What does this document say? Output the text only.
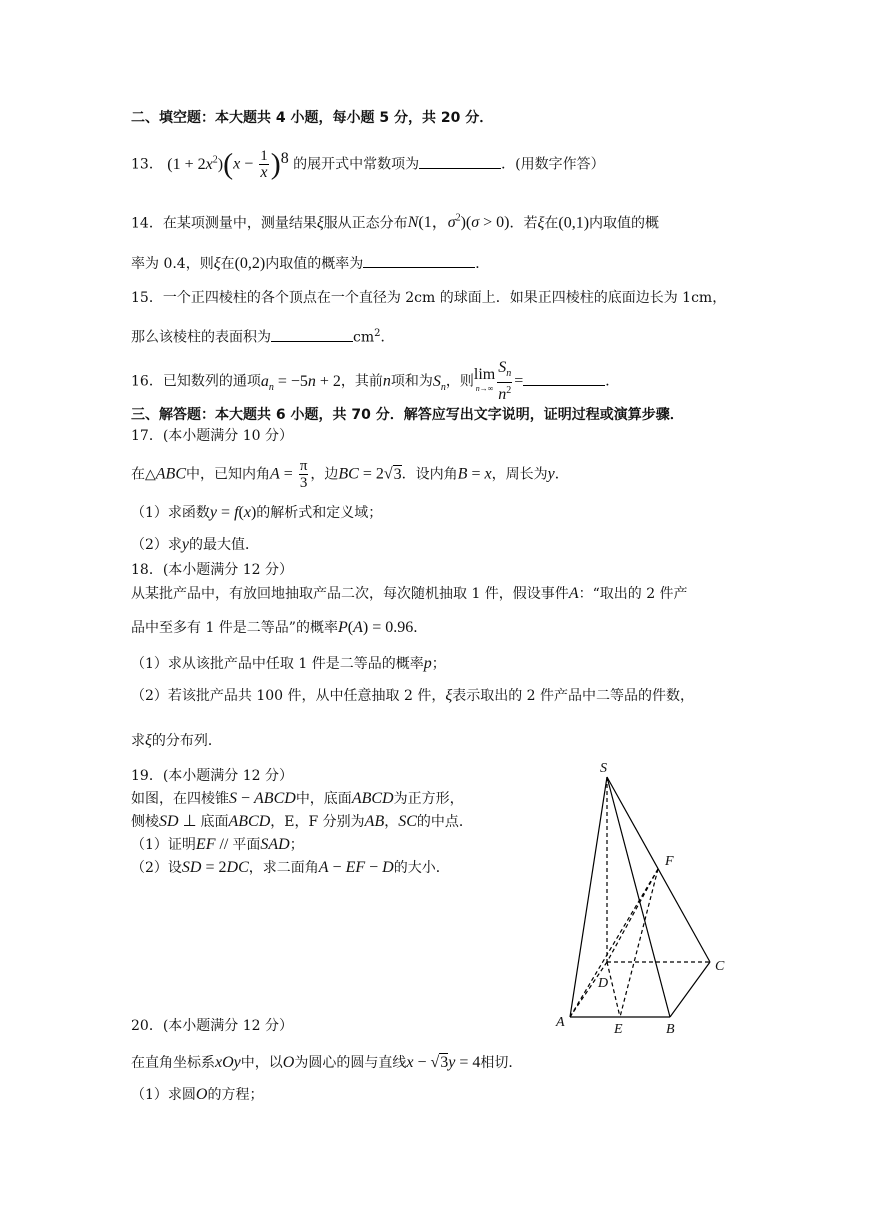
二、填空题：本大题共 4 小题，每小题 5 分，共 20 分．
13． $(1 + 2x^2)(x - \frac{1}{x} )^8$ 的展开式中常数项为	．(用数字作答）
14．在某项测量中，测量结果ξ服从正态分布N(1，$\sigma^2)(\sigma > 0)$．若ξ在(0,1)内取值的概
率为 0.4，则ξ在(0,2)内取值的概率为	．
15．一个正四棱柱的各个顶点在一个直径为 2cm 的球面上．如果正四棱柱的底面边长为 1cm，
那么该棱柱的表面积为	$cm^2$．
16．已知数列的通项$a_n = -5n + 2$，其前n项和为$S_n$，则lim
$n\to\infty \frac{S_n}{n^2}$ =	．
三、解答题：本大题共 6 小题，共 70 分．解答应写出文字说明，证明过程或演算步骤．
17．(本小题满分 10 分）
在△ABC中，已知内角$A = \frac{\pi}{3}$ ，边BC = 2√3．设内角B = x，周长为y．
（1）求函数y = f(x)的解析式和定义域；
（2）求y的最大值．
18．(本小题满分 12 分）
从某批产品中，有放回地抽取产品二次，每次随机抽取 1 件，假设事件A：“取出的 2 件产
品中至多有 1 件是二等品”的概率P(A) = 0.96．
（1）求从该批产品中任取 1 件是二等品的概率p；
（2）若该批产品共 100 件，从中任意抽取 2 件，ξ表示取出的 2 件产品中二等品的件数，
求ξ的分布列．
19．(本小题满分 12 分）
如图，在四棱锥S − ABCD中，底面ABCD为正方形，
侧棱SD ⊥ 底面ABCD，E，F 分别为AB，SC的中点．
（1）证明EF // 平面SAD；
（2）设SD = 2DC，求二面角A − EF − D的大小．
S
F
C
D
A	E	B
20．(本小题满分 12 分）
在直角坐标系xOy中，以O为圆心的圆与直线x − √3y = 4相切．
（1）求圆O的方程；
